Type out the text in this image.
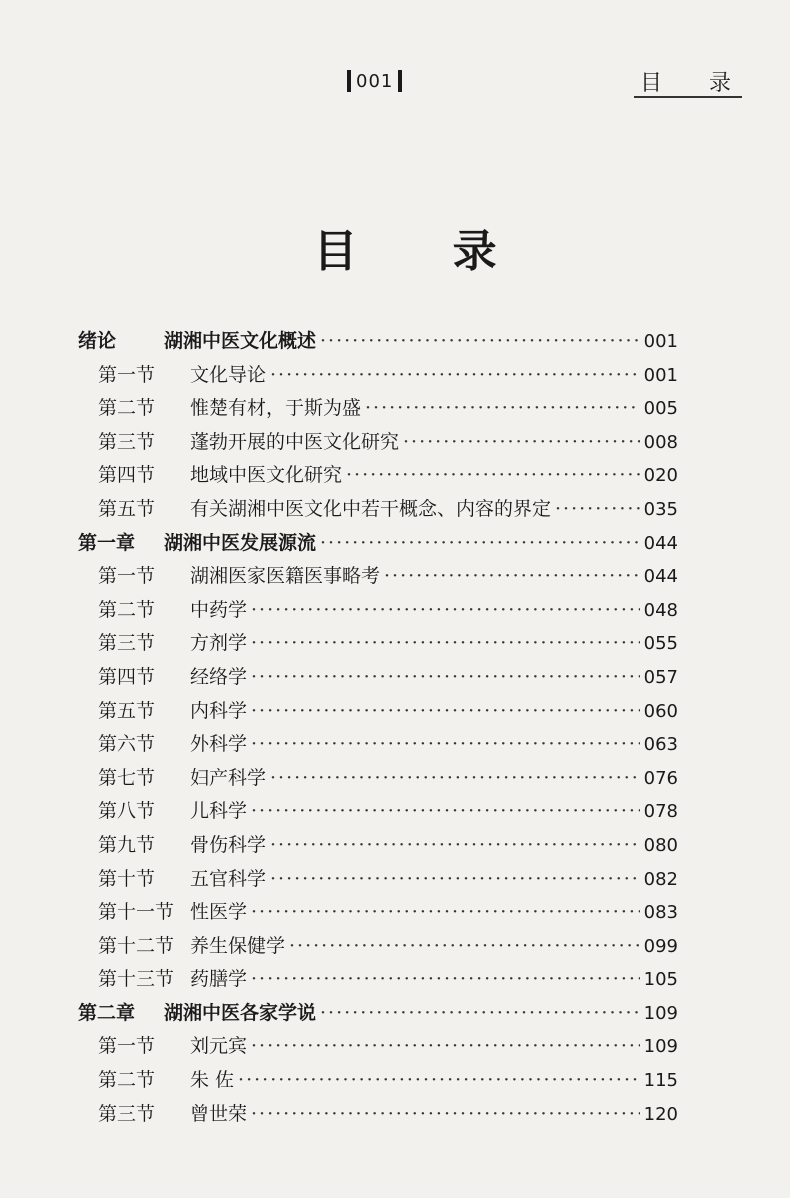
001	目 录
目 录
绪论	湖湘中医文化概述 ·····	001
第一节	文化导论 ·····	001
第二节	惟楚有材，于斯为盛 ·····	005
第三节	蓬勃开展的中医文化研究 ·····	008
第四节	地域中医文化研究 ·····	020
第五节	有关湖湘中医文化中若干概念、内容的界定 ·····	035
第一章	湖湘中医发展源流 ·····	044
第一节	湖湘医家医籍医事略考 ·····	044
第二节	中药学 ·····	048
第三节	方剂学 ·····	055
第四节	经络学 ·····	057
第五节	内科学 ·····	060
第六节	外科学 ·····	063
第七节	妇产科学 ·····	076
第八节	儿科学 ·····	078
第九节	骨伤科学 ·····	080
第十节	五官科学 ·····	082
第十一节 性医学 ·····	083
第十二节 养生保健学 ·····	099
第十三节 药膳学 ·····	105
第二章	湖湘中医各家学说 ·····	109
第一节	刘元宾 ·····	109
第二节	朱 佐 ·····	115
第三节	曾世荣 ·····	120
